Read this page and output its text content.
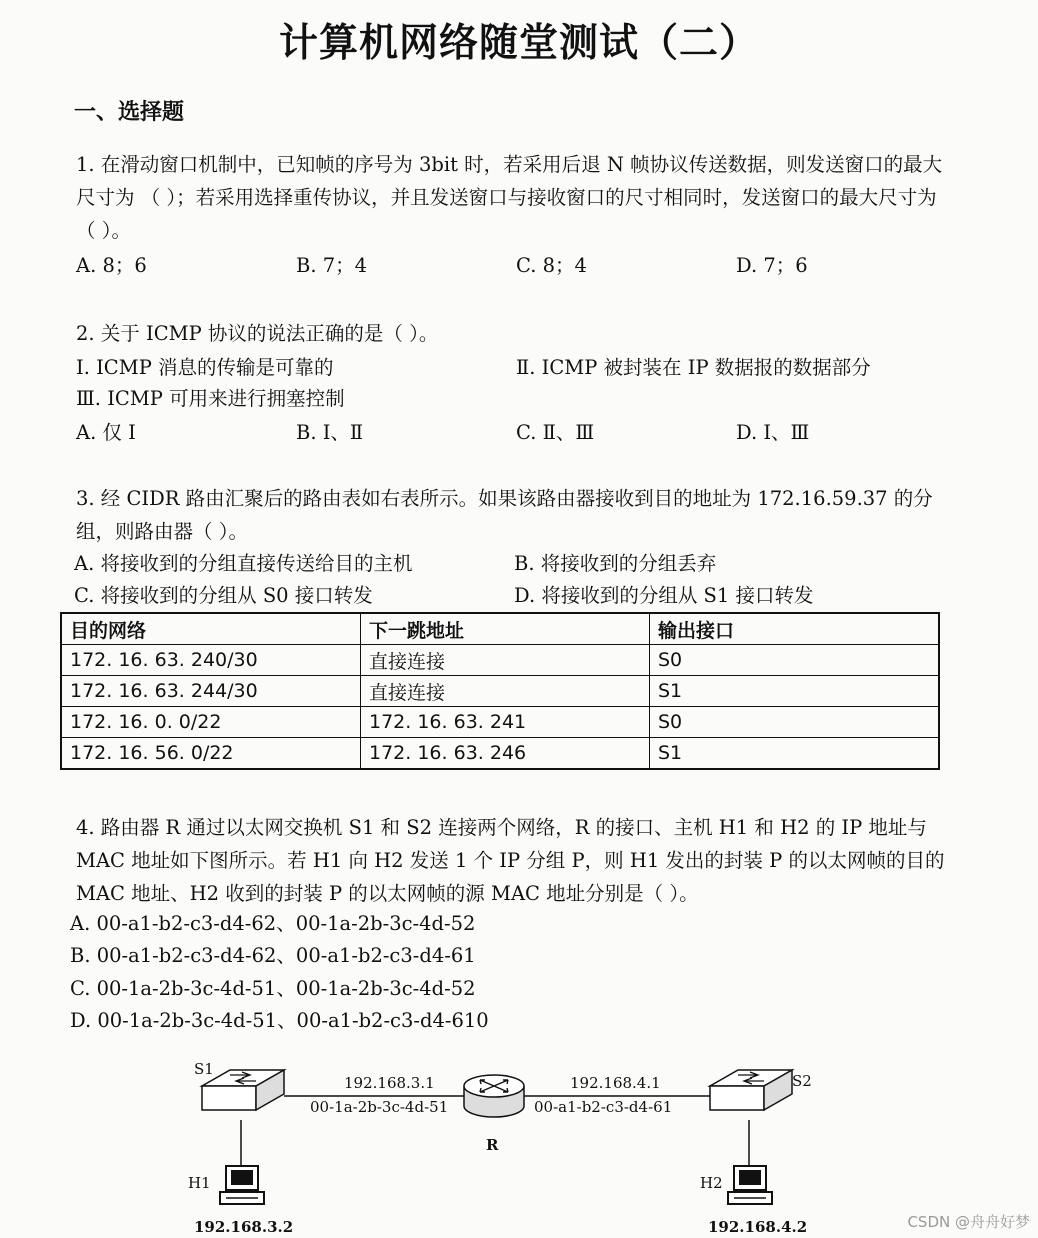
计算机网络随堂测试（二）
一、选择题
1. 在滑动窗口机制中，已知帧的序号为 3bit 时，若采用后退 N 帧协议传送数据，则发送窗口的最大尺寸为 （ ）；若采用选择重传协议，并且发送窗口与接收窗口的尺寸相同时，发送窗口的最大尺寸为（ ）。
A. 8；6	B. 7；4	C. 8；4	D. 7；6
2. 关于 ICMP 协议的说法正确的是（ ）。
Ⅰ. ICMP 消息的传输是可靠的	Ⅱ. ICMP 被封装在 IP 数据报的数据部分
Ⅲ. ICMP 可用来进行拥塞控制
A. 仅 Ⅰ	B. Ⅰ、Ⅱ	C. Ⅱ、Ⅲ	D. Ⅰ、Ⅲ
3. 经 CIDR 路由汇聚后的路由表如右表所示。如果该路由器接收到目的地址为 172.16.59.37 的分组，则路由器（ ）。
A. 将接收到的分组直接传送给目的主机	B. 将接收到的分组丢弃
C. 将接收到的分组从 S0 接口转发	D. 将接收到的分组从 S1 接口转发
目的网络	下一跳地址	输出接口
172. 16. 63. 240/30	直接连接	S0
172. 16. 63. 244/30	直接连接	S1
172. 16. 0. 0/22	172. 16. 63. 241	S0
172. 16. 56. 0/22	172. 16. 63. 246	S1
4. 路由器 R 通过以太网交换机 S1 和 S2 连接两个网络，R 的接口、主机 H1 和 H2 的 IP 地址与 MAC 地址如下图所示。若 H1 向 H2 发送 1 个 IP 分组 P，则 H1 发出的封装 P 的以太网帧的目的 MAC 地址、H2 收到的封装 P 的以太网帧的源 MAC 地址分别是（ ）。
A. 00-a1-b2-c3-d4-62、00-1a-2b-3c-4d-52
B. 00-a1-b2-c3-d4-62、00-a1-b2-c3-d4-61
C. 00-1a-2b-3c-4d-51、00-1a-2b-3c-4d-52
D. 00-1a-2b-3c-4d-51、00-a1-b2-c3-d4-610
S1
S2
R
H1	H2
192.168.3.1
00-1a-2b-3c-4d-51
192.168.4.1
00-a1-b2-c3-d4-61
192.168.3.2	192.168.4.2	CSDN @舟舟好梦
